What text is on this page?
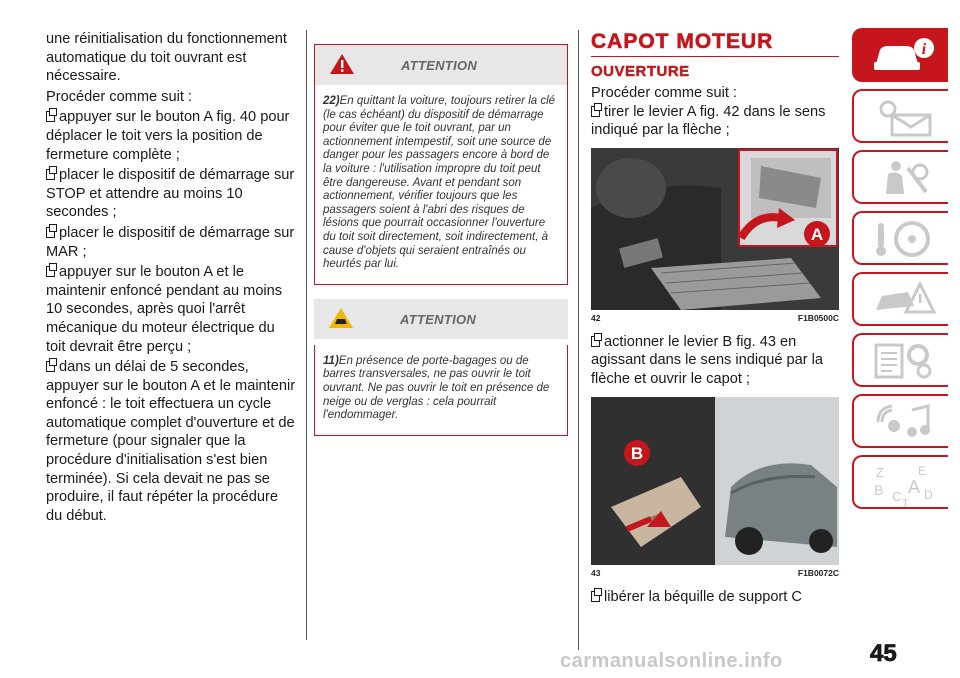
une réinitialisation du fonctionnement automatique du toit ouvrant est nécessaire.

Procéder comme suit :

appuyer sur le bouton A fig. 40 pour déplacer le toit vers la position de fermeture complète ;

placer le dispositif de démarrage sur STOP et attendre au moins 10 secondes ;

placer le dispositif de démarrage sur MAR ;

appuyer sur le bouton A et le maintenir enfoncé pendant au moins 10 secondes, après quoi l'arrêt mécanique du moteur électrique du toit devrait être perçu ;

dans un délai de 5 secondes, appuyer sur le bouton A et le maintenir enfoncé : le toit effectuera un cycle automatique complet d'ouverture et de fermeture (pour signaler que la procédure d'initialisation s'est bien terminée). Si cela devait ne pas se produire, il faut répéter la procédure du début.

ATTENTION
22)En quittant la voiture, toujours retirer la clé (le cas échéant) du dispositif de démarrage pour éviter que le toit ouvrant, par un actionnement intempestif, soit une source de danger pour les passagers encore à bord de la voiture : l'utilisation impropre du toit peut être dangereuse. Avant et pendant son actionnement, vérifier toujours que les passagers soient à l'abri des risques de lésions que pourrait occasionner l'ouverture du toit soit directement, soit indirectement, à cause d'objets qui seraient entraînés ou heurtés par lui.
ATTENTION
11)En présence de porte-bagages ou de barres transversales, ne pas ouvrir le toit ouvrant. Ne pas ouvrir le toit en présence de neige ou de verglas : cela pourrait l'endommager.
CAPOT MOTEUR
OUVERTURE

Procéder comme suit :

tirer le levier A fig. 42 dans le sens indiqué par la flèche ;

A
42	F1B0500C

actionner le levier B fig. 43 en agissant dans le sens indiqué par la flèche et ouvrir le capot ;

B
43	F1B0072C

libérer la béquille de support C

i
Z	E
B A
C D
T
45
carmanualsonline.info
